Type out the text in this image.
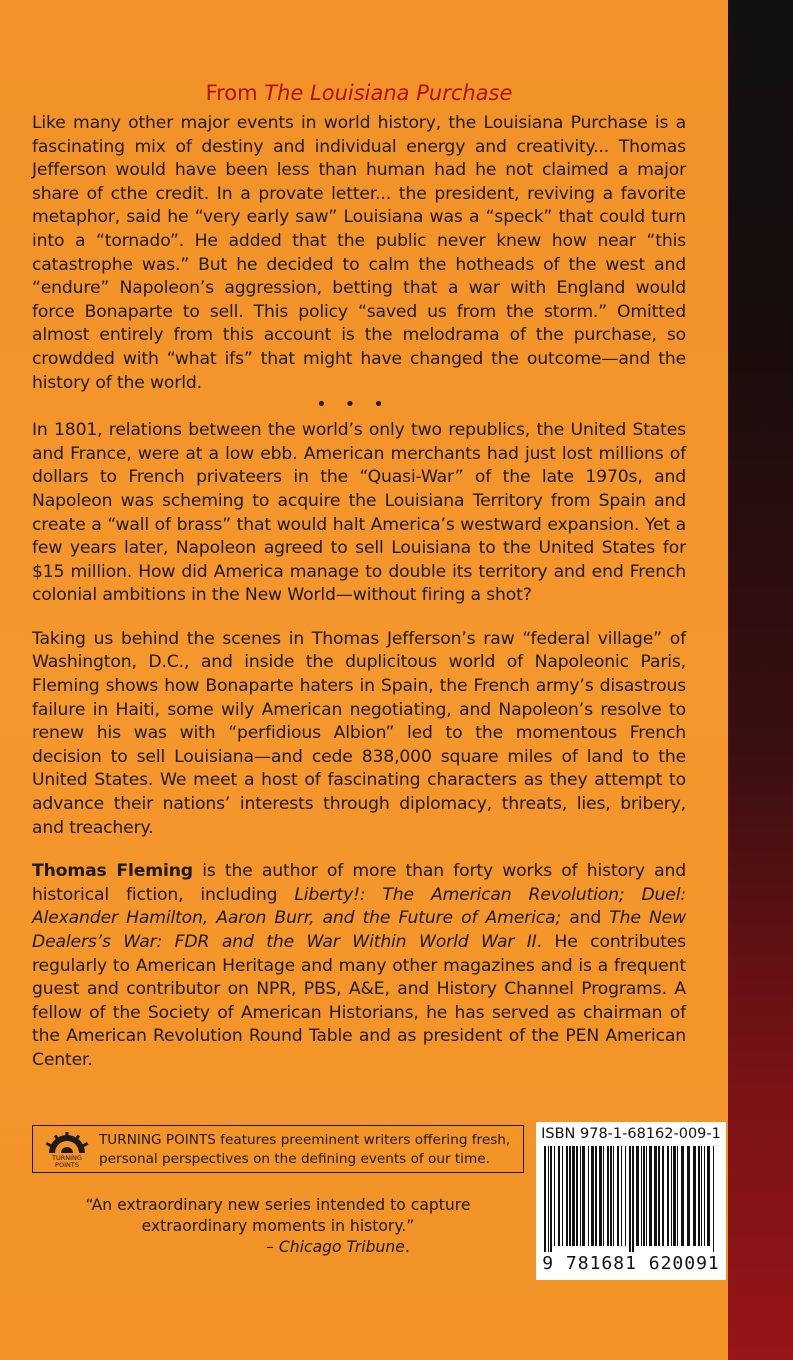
From The Louisiana Purchase

Like many other major events in world history, the Louisiana Purchase is a fascinating mix of destiny and individual energy and creativity... Thomas Jefferson would have been less than human had he not claimed a major share of cthe credit. In a provate letter... the president, reviving a favorite metaphor, said he “very early saw” Louisiana was a “speck” that could turn into a “tornado”. He added that the public never knew how near “this catastrophe was.” But he decided to calm the hotheads of the west and “endure” Napoleon’s aggression, betting that a war with England would force Bonaparte to sell. This policy “saved us from the storm.” Omitted almost entirely from this account is the melodrama of the purchase, so crowdded with “what ifs” that might have changed the outcome—and the history of the world.

•••

In 1801, relations between the world’s only two republics, the United States and France, were at a low ebb. American merchants had just lost millions of dollars to French privateers in the “Quasi-War” of the late 1970s, and Napoleon was scheming to acquire the Louisiana Territory from Spain and create a “wall of brass” that would halt America’s westward expansion. Yet a few years later, Napoleon agreed to sell Louisiana to the United States for $15 million. How did America manage to double its territory and end French colonial ambitions in the New World—without firing a shot?

Taking us behind the scenes in Thomas Jefferson’s raw “federal village” of Washington, D.C., and inside the duplicitous world of Napoleonic Paris, Fleming shows how Bonaparte haters in Spain, the French army’s disastrous failure in Haiti, some wily American negotiating, and Napoleon’s resolve to renew his was with “perfidious Albion” led to the momentous French decision to sell Louisiana—and cede 838,000 square miles of land to the United States. We meet a host of fascinating characters as they attempt to advance their nations’ interests through diplomacy, threats, lies, bribery, and treachery.

Thomas Fleming is the author of more than forty works of history and historical fiction, including Liberty!: The American Revolution; Duel: Alexander Hamilton, Aaron Burr, and the Future of America; and The New Dealers’s War: FDR and the War Within World War II. He contributes regularly to American Heritage and many other magazines and is a frequent guest and contributor on NPR, PBS, A&E, and History Channel Programs. A fellow of the Society of American Historians, he has served as chairman of the American Revolution Round Table and as president of the PEN American Center.

TURNING
POINTS
TURNING POINTS features preeminent writers offering fresh, personal perspectives on the defining events of our time.
“An extraordinary new series intended to capture extraordinary moments in history.”
– Chicago Tribune.
ISBN 978-1-68162-009-1
9 781681 620091
